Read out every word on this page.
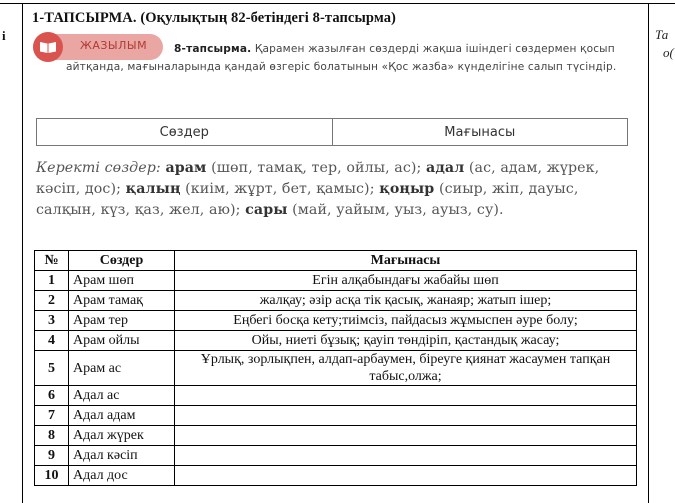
і	Та
о(
1-ТАПСЫРМА. (Оқулықтың 82-бетіндегі 8-тапсырма)
ЖАЗЫЛЫМ	8-тапсырма. Қарамен жазылған сөздерді жақша ішіндегі сөздермен қосып айтқанда, мағыналарында қандай өзгеріс болатынын «Қос жазба» күнделігіне салып түсіндір.
Сөздер	Мағынасы
Керекті сөздер: арам (шөп, тамақ, тер, ойлы, ас); адал (ас, адам, жүрек, кәсіп, дос); қалың (киім, жұрт, бет, қамыс); қоңыр (сиыр, жіп, дауыс, салқын, күз, қаз, жел, аю); сары (май, уайым, уыз, ауыз, су).
№	Сөздер	Мағынасы
1	Арам шөп	Егін алқабындағы жабайы шөп
2	Арам тамақ	жалқау; әзір асқа тік қасық, жанаяр; жатып ішер;
3	Арам тер	Еңбегі босқа кету;тиімсіз, пайдасыз жұмыспен әуре болу;
4	Арам ойлы	Ойы, ниеті бұзық; қауіп төндіріп, қастандық жасау;
5	Арам ас	Ұрлық, зорлықпен, алдап-арбаумен, біреуге қиянат жасаумен тапқан табыс,олжа;
6	Адал ас	
7	Адал адам	
8	Адал жүрек	
9	Адал кәсіп	
10	Адал дос	
